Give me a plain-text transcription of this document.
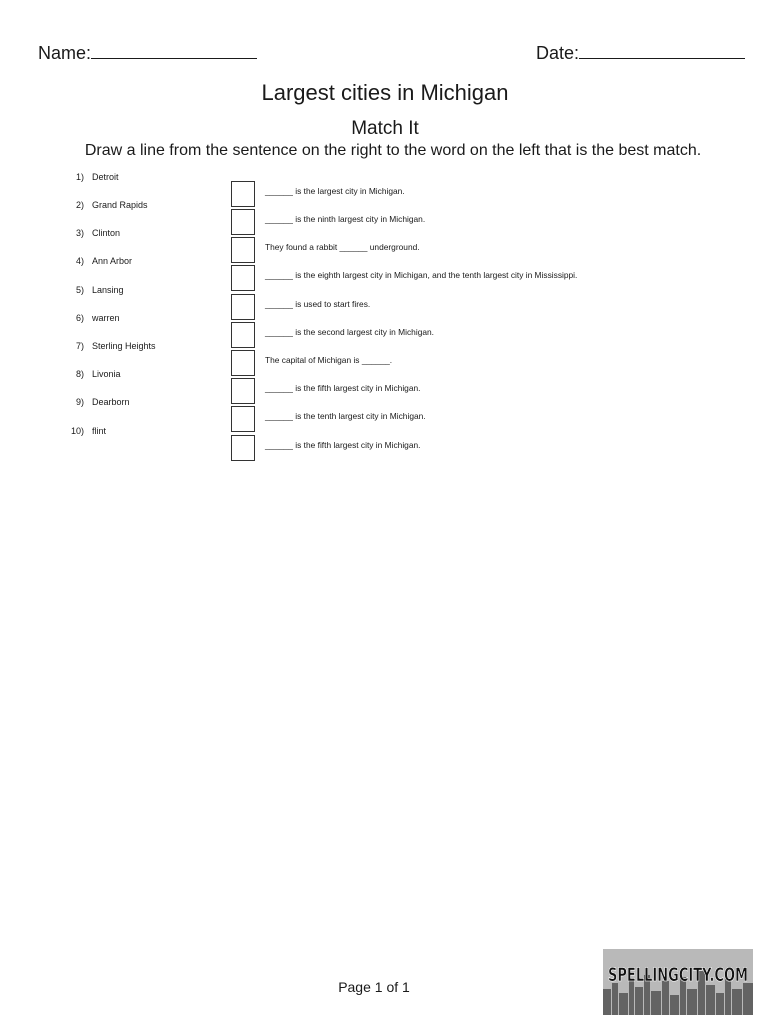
Name:	Date:
Largest cities in Michigan
Match It
Draw a line from the sentence on the right to the word on the left that is the best match.
1) Detroit
2) Grand Rapids
3) Clinton
4) Ann Arbor
5) Lansing
6) warren
7) Sterling Heights
8) Livonia
9) Dearborn
10) flint
______ is the largest city in Michigan.
______ is the ninth largest city in Michigan.
They found a rabbit ______ underground.
______ is the eighth largest city in Michigan, and the tenth largest city in Mississippi.
______ is used to start fires.
______ is the second largest city in Michigan.
The capital of Michigan is ______.
______ is the fifth largest city in Michigan.
______ is the tenth largest city in Michigan.
______ is the fifth largest city in Michigan.
Page 1 of 1
SPELLINGCITY.COM
